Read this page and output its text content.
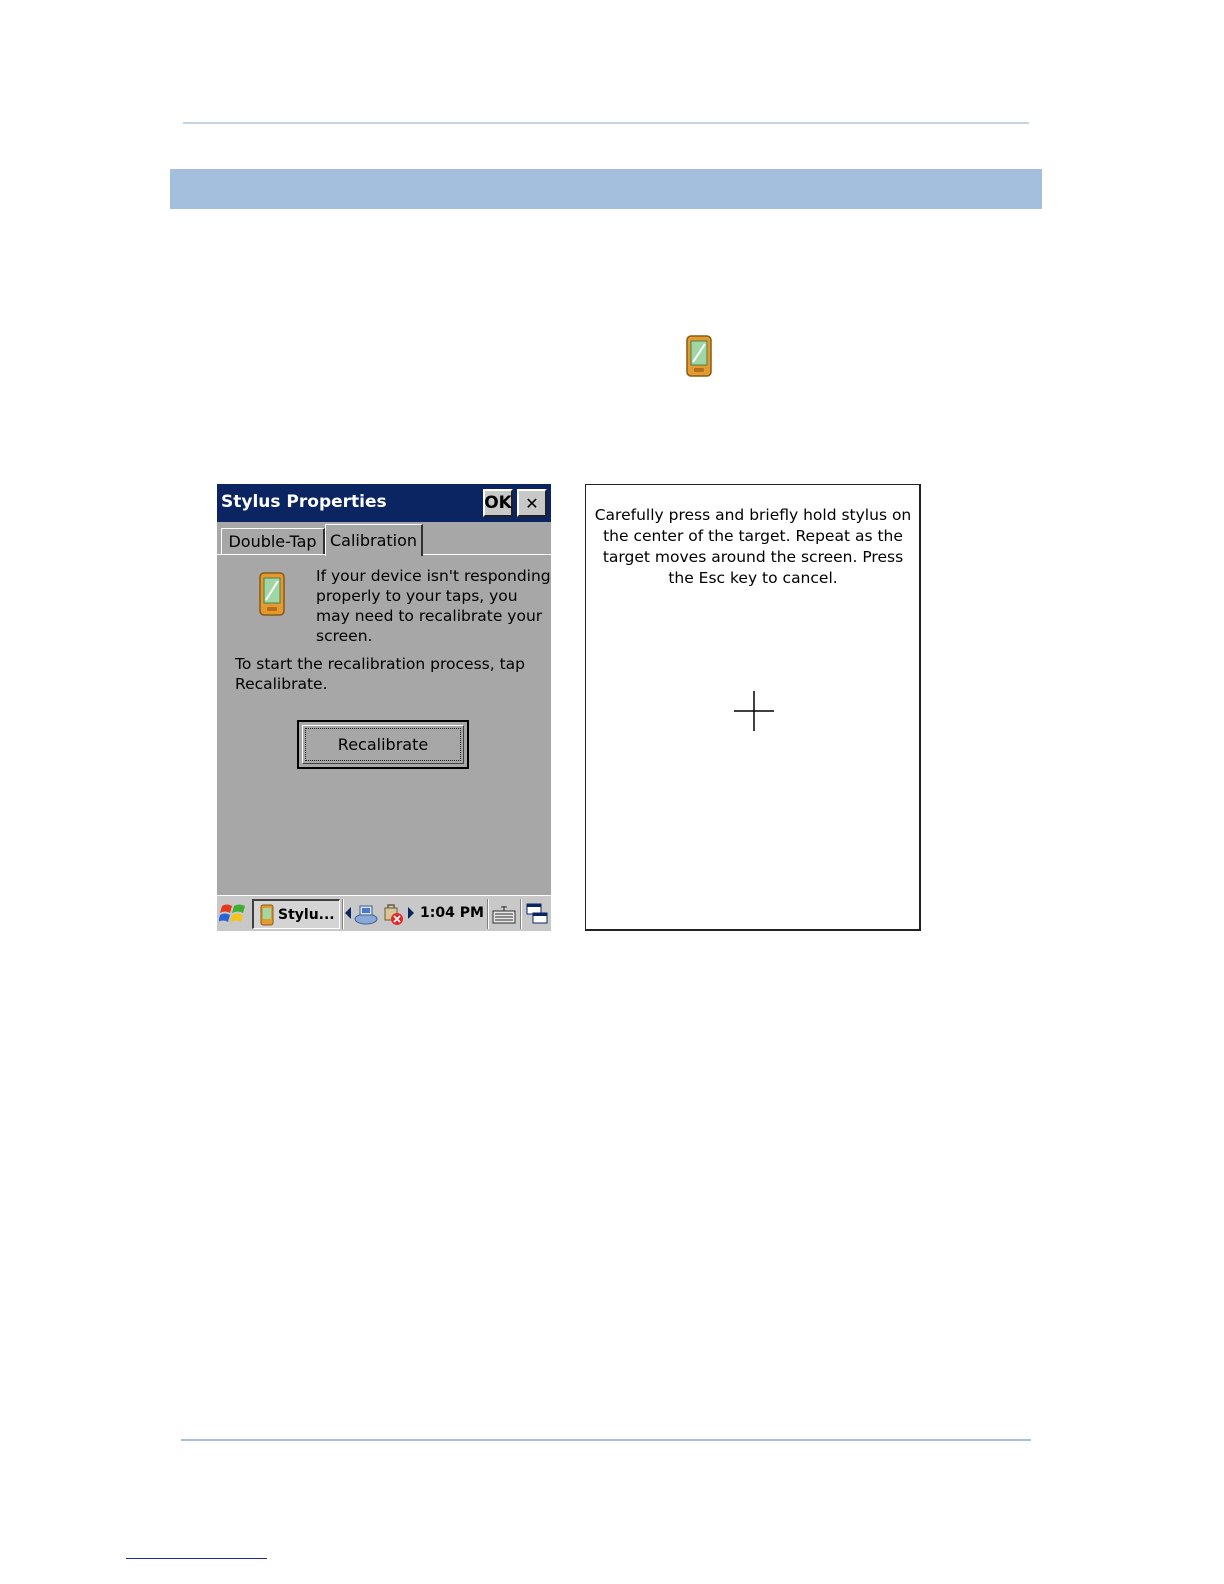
Stylus Properties	OK ✕
Double-Tap Calibration
If your device isn't responding properly to your taps, you may need to recalibrate your screen.
To start the recalibration process, tap Recalibrate.
Recalibrate
Stylu...	1:04 PM
Carefully press and briefly hold stylus on the center of the target. Repeat as the target moves around the screen. Press the Esc key to cancel.
